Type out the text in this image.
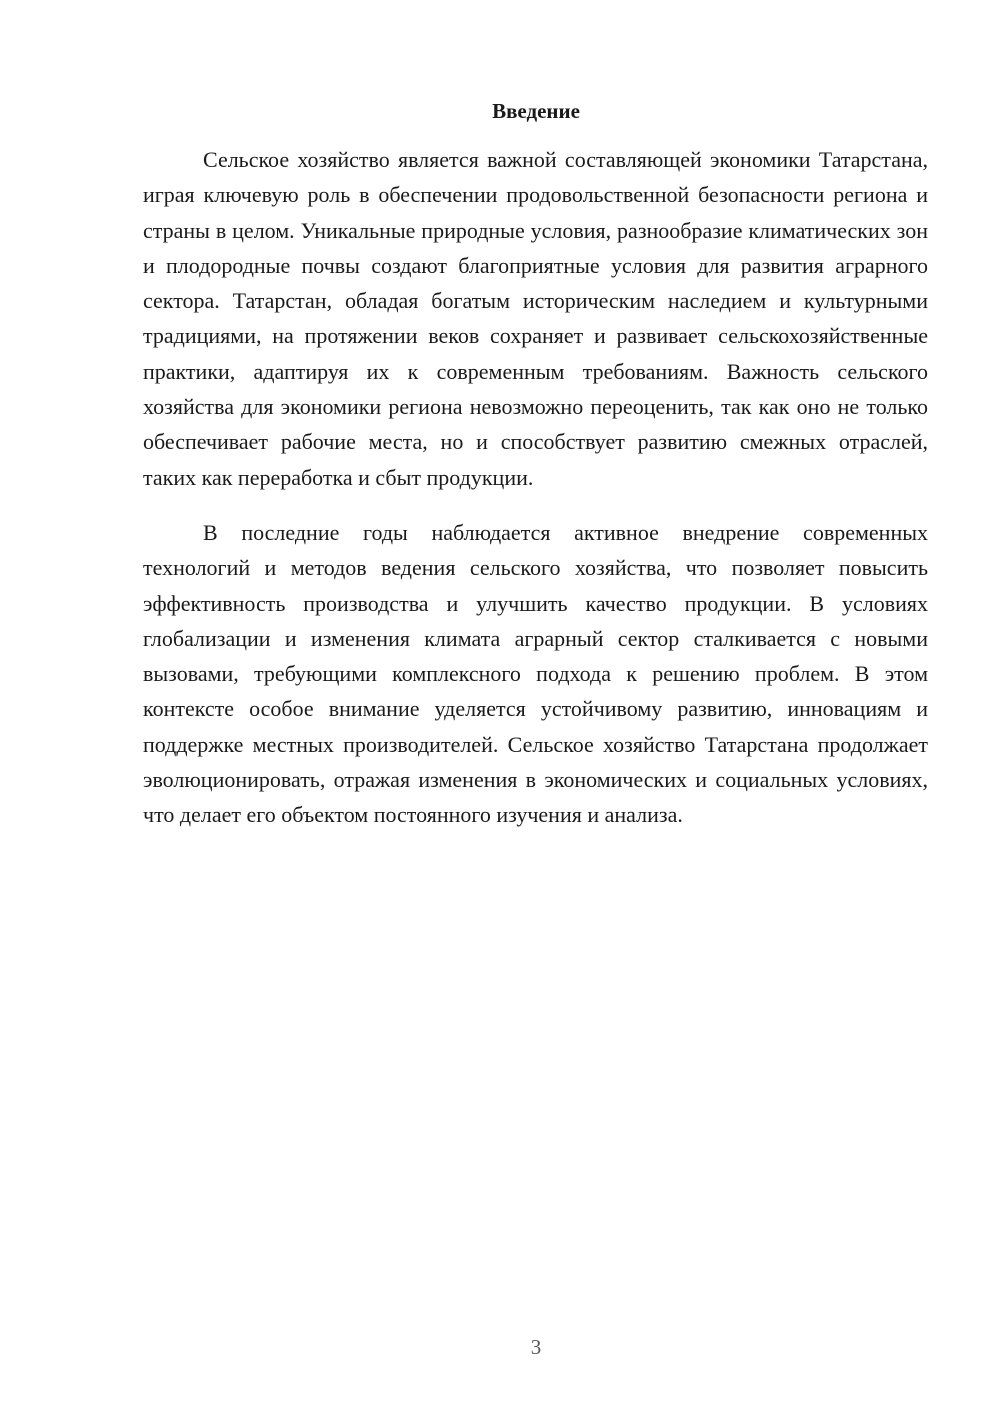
Введение

Сельское хозяйство является важной составляющей экономики Татарстана, играя ключевую роль в обеспечении продовольственной безопасности региона и страны в целом. Уникальные природные условия, разнообразие климатических зон и плодородные почвы создают благоприятные условия для развития аграрного сектора. Татарстан, обладая богатым историческим наследием и культурными традициями, на протяжении веков сохраняет и развивает сельскохозяйственные практики, адаптируя их к современным требованиям. Важность сельского хозяйства для экономики региона невозможно переоценить, так как оно не только обеспечивает рабочие места, но и способствует развитию смежных отраслей, таких как переработка и сбыт продукции.

В последние годы наблюдается активное внедрение современных технологий и методов ведения сельского хозяйства, что позволяет повысить эффективность производства и улучшить качество продукции. В условиях глобализации и изменения климата аграрный сектор сталкивается с новыми вызовами, требующими комплексного подхода к решению проблем. В этом контексте особое внимание уделяется устойчивому развитию, инновациям и поддержке местных производителей. Сельское хозяйство Татарстана продолжает эволюционировать, отражая изменения в экономических и социальных условиях, что делает его объектом постоянного изучения и анализа.

3
